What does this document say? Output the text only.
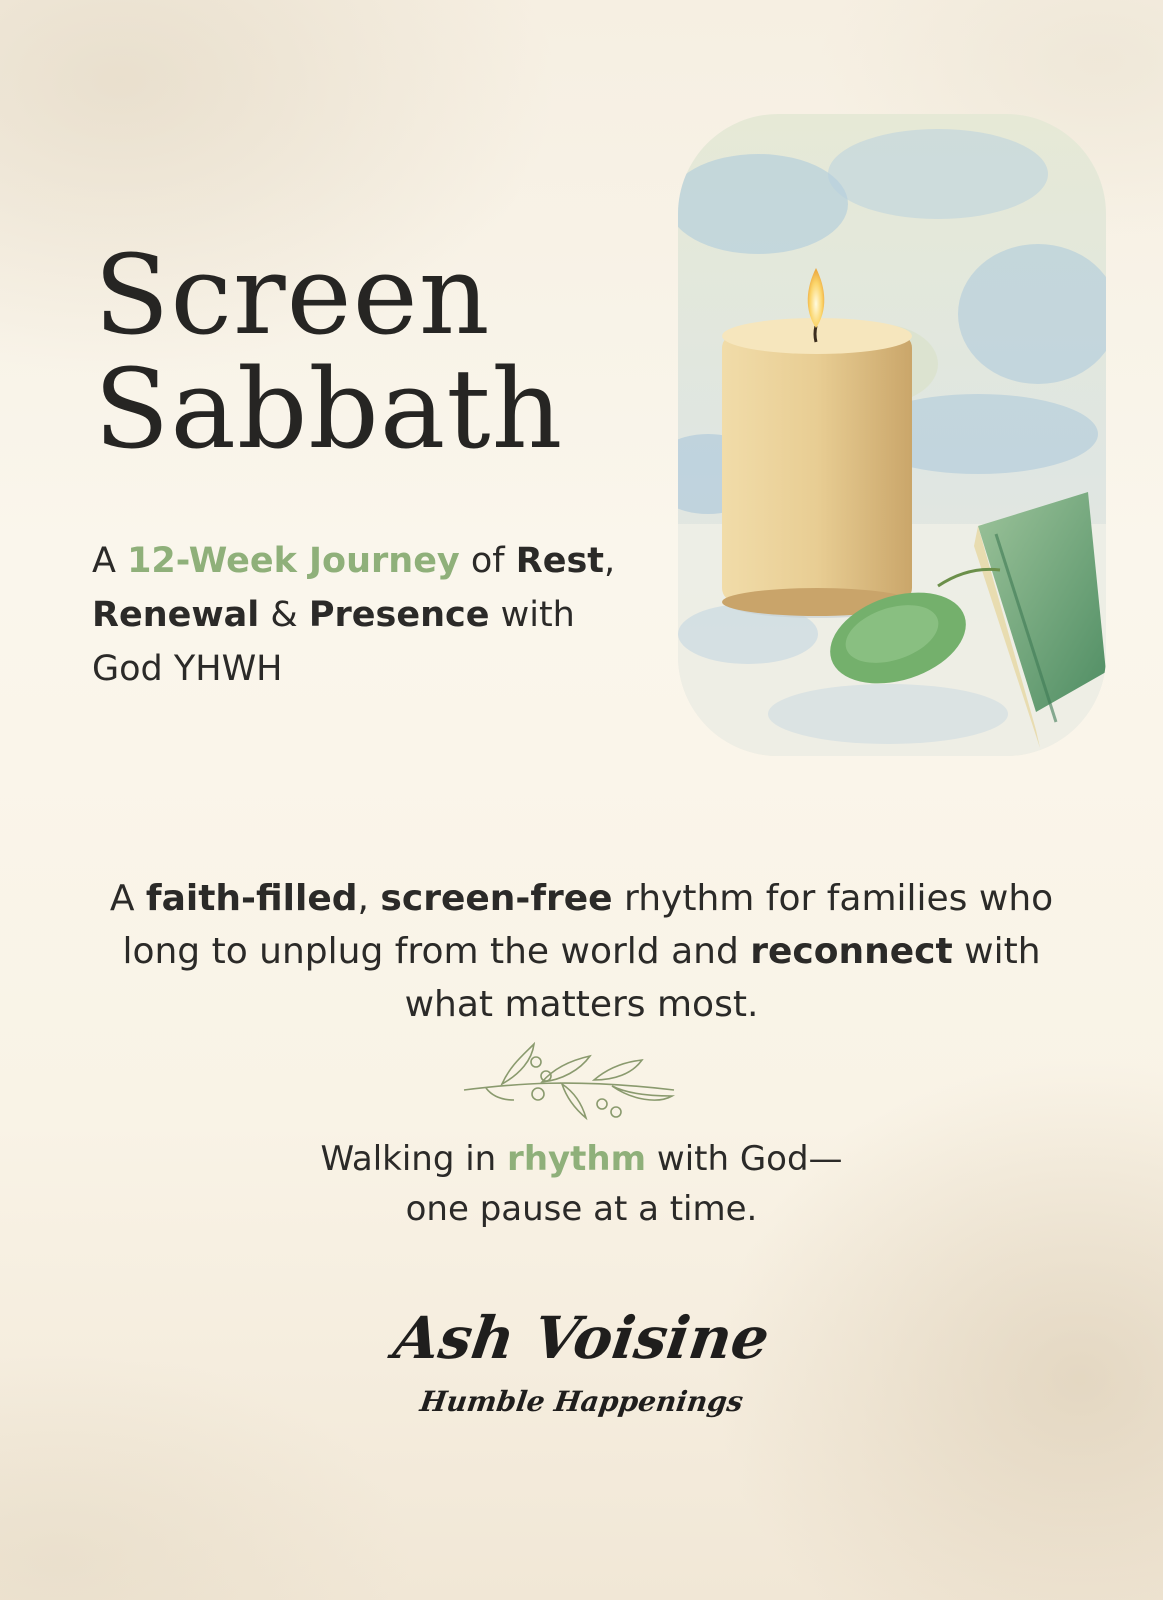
Screen
Sabbath

A 12-Week Journey of Rest,
Renewal & Presence with
God YHWH

A faith-filled, screen-free rhythm for families who long to unplug from the world and reconnect with what matters most.

Walking in rhythm with God—
one pause at a time.

Ash Voisine
Humble Happenings
